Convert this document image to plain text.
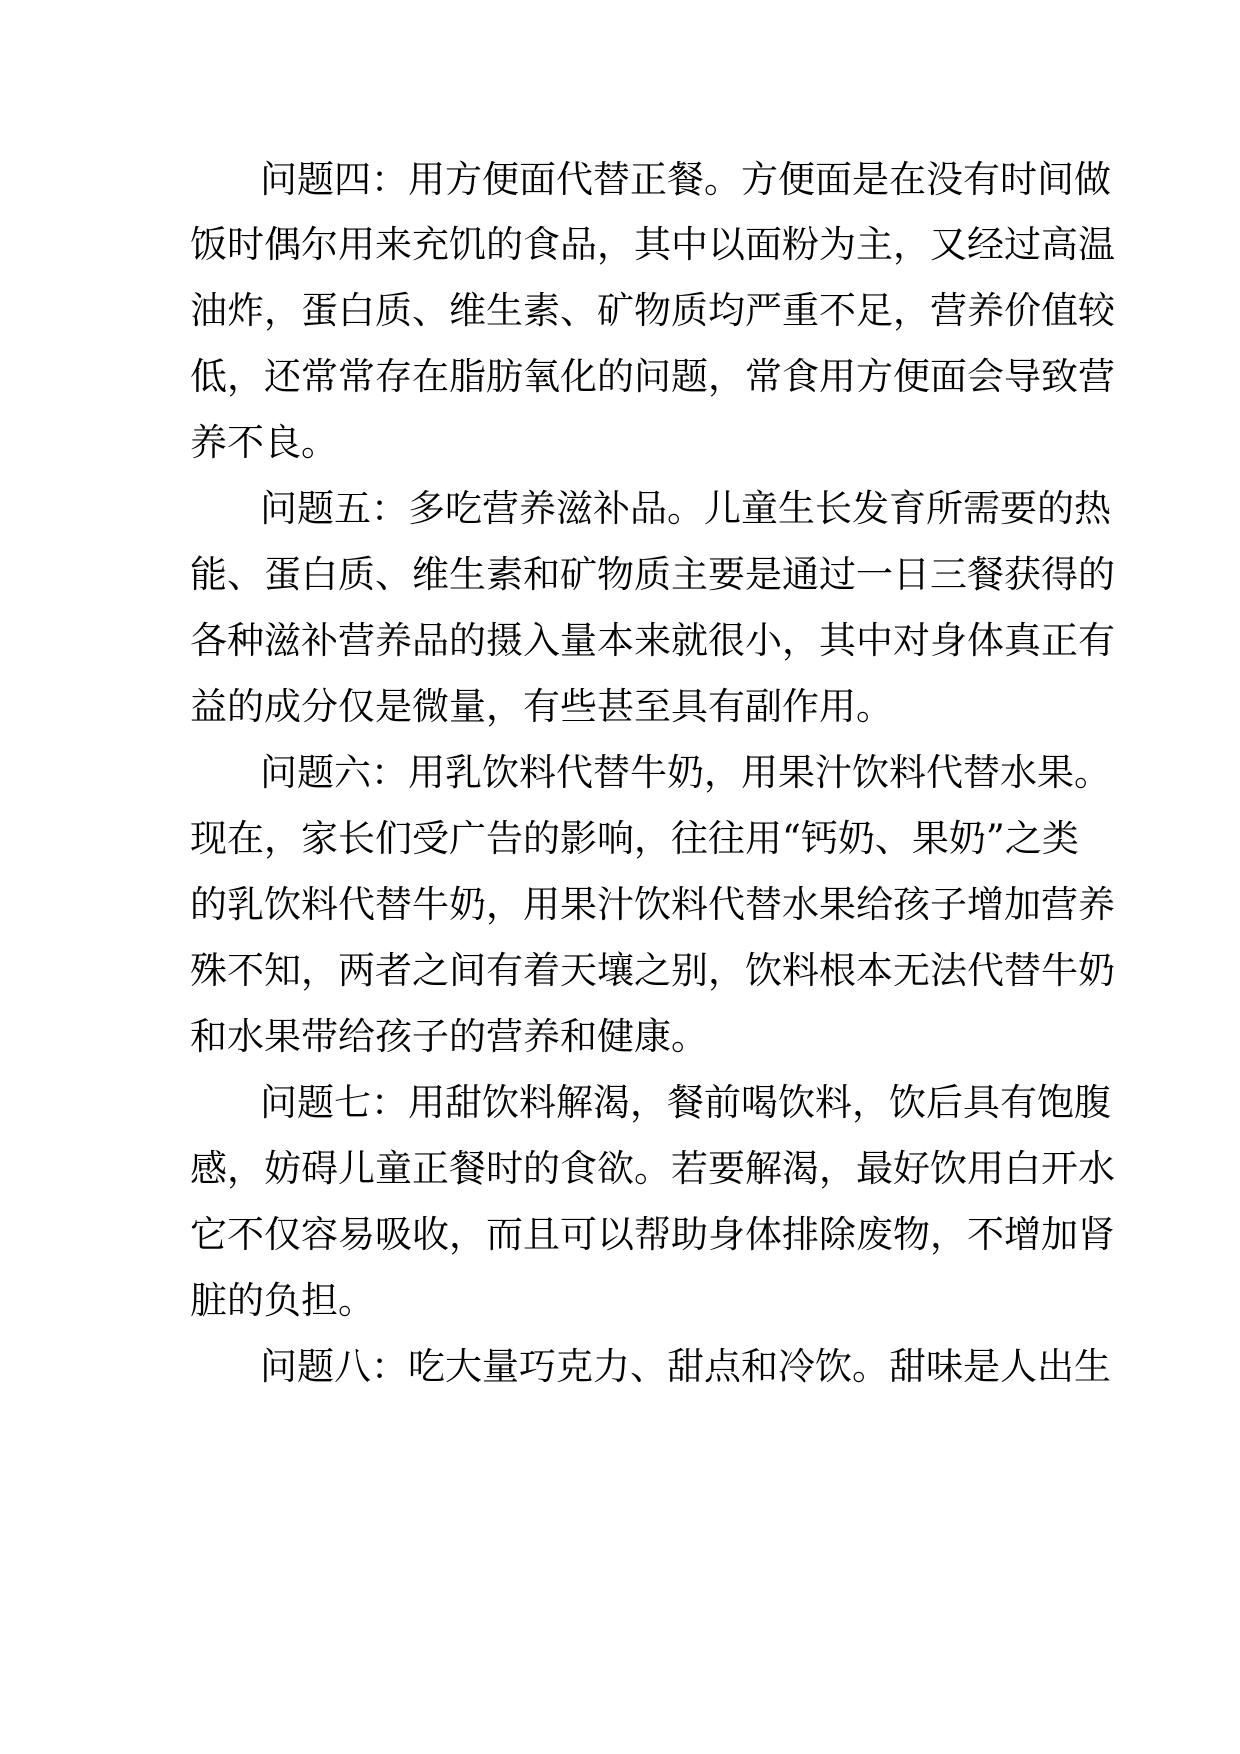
问题四：用方便面代替正餐。方便面是在没有时间做
饭时偶尔用来充饥的食品，其中以面粉为主，又经过高温
油炸，蛋白质、维生素、矿物质均严重不足，营养价值较
低，还常常存在脂肪氧化的问题，常食用方便面会导致营
养不良。
问题五：多吃营养滋补品。儿童生长发育所需要的热
能、蛋白质、维生素和矿物质主要是通过一日三餐获得的
各种滋补营养品的摄入量本来就很小，其中对身体真正有
益的成分仅是微量，有些甚至具有副作用。
问题六：用乳饮料代替牛奶，用果汁饮料代替水果。
现在，家长们受广告的影响，往往用“钙奶、果奶”之类
的乳饮料代替牛奶，用果汁饮料代替水果给孩子增加营养
殊不知，两者之间有着天壤之别，饮料根本无法代替牛奶
和水果带给孩子的营养和健康。
问题七：用甜饮料解渴，餐前喝饮料，饮后具有饱腹
感，妨碍儿童正餐时的食欲。若要解渴，最好饮用白开水
它不仅容易吸收，而且可以帮助身体排除废物，不增加肾
脏的负担。
问题八：吃大量巧克力、甜点和冷饮。甜味是人出生
